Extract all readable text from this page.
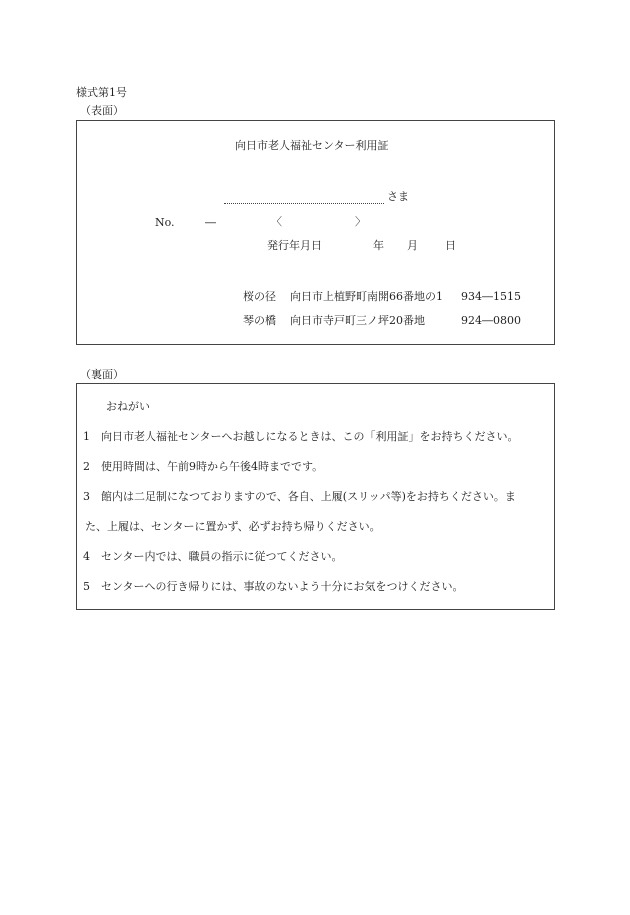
様式第1号
（表面）
向日市老人福祉センター利用証
さま
No.	―	〈	〉
発行年月日	年 月 日
桜の径 向日市上植野町南開66番地の1 934―1515
琴の橋 向日市寺戸町三ノ坪20番地	924―0800
（裏面）
おねがい
1 向日市老人福祉センターへお越しになるときは、この「利用証」をお持ちください。
2 使用時間は、午前9時から午後4時までです。
3 館内は二足制になつておりますので、各自、上履(スリッパ等)をお持ちください。ま
た、上履は、センターに置かず、必ずお持ち帰りください。
4 センター内では、職員の指示に従つてください。
5 センターへの行き帰りには、事故のないよう十分にお気をつけください。
